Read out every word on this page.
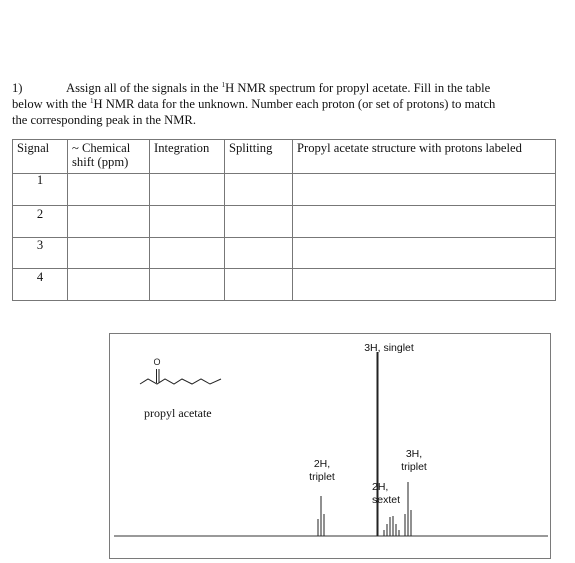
1)	Assign all of the signals in the $^1$H NMR spectrum for propyl acetate. Fill in the table
below with the $^1$H NMR data for the unknown. Number each proton (or set of protons) to match
the corresponding peak in the NMR.
Signal	~ Chemical shift (ppm)	Integration	Splitting	Propyl acetate structure with protons labeled
1				
2				
3				
4				
O
propyl acetate
3H, singlet
2H,
triplet
3H,
triplet
2H,
sextet
